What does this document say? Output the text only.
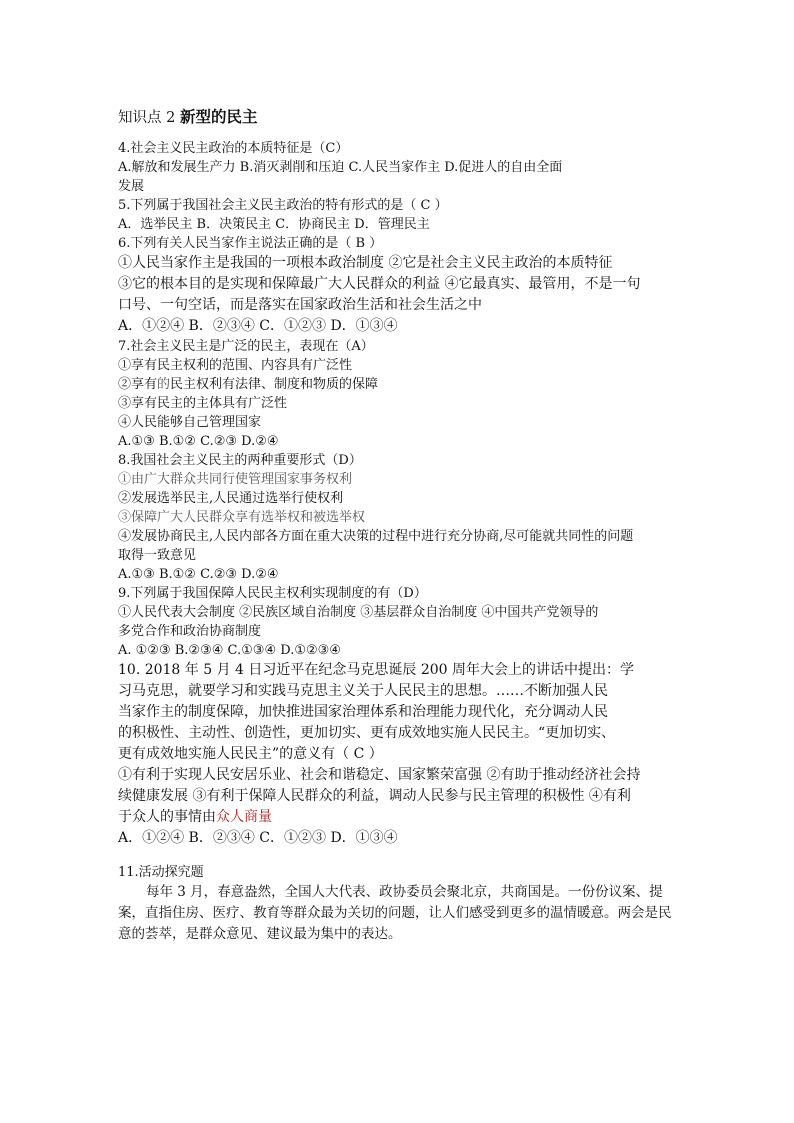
知识点 2 新型的民主
4.社会主义民主政治的本质特征是（C）
A.解放和发展生产力 B.消灭剥削和压迫 C.人民当家作主 D.促进人的自由全面
发展
5.下列属于我国社会主义民主政治的特有形式的是（ C ）
A．选举民主 B．决策民主 C．协商民主 D．管理民主
6.下列有关人民当家作主说法正确的是（ B ）
①人民当家作主是我国的一项根本政治制度 ②它是社会主义民主政治的本质特征
③它的根本目的是实现和保障最广大人民群众的利益 ④它最真实、最管用，不是一句
口号、一句空话，而是落实在国家政治生活和社会生活之中
A．①②④ B．②③④ C．①②③ D．①③④
7.社会主义民主是广泛的民主，表现在（A）
①享有民主权利的范围、内容具有广泛性
②享有的民主权利有法律、制度和物质的保障
③享有民主的主体具有广泛性
④人民能够自己管理国家
A.①③ B.①② C.②③ D.②④
8.我国社会主义民主的两种重要形式（D）
①由广大群众共同行使管理国家事务权利
②发展选举民主,人民通过选举行使权利
③保障广大人民群众享有选举权和被选举权
④发展协商民主,人民内部各方面在重大决策的过程中进行充分协商,尽可能就共同性的问题
取得一致意见
A.①③ B.①② C.②③ D.②④
9.下列属于我国保障人民民主权利实现制度的有（D）
①人民代表大会制度 ②民族区域自治制度 ③基层群众自治制度 ④中国共产党领导的
多党合作和政治协商制度
A. ①②③ B.②③④ C.①③④ D.①②③④
10. 2018 年 5 月 4 日习近平在纪念马克思诞辰 200 周年大会上的讲话中提出：学
习马克思，就要学习和实践马克思主义关于人民民主的思想。……不断加强人民
当家作主的制度保障，加快推进国家治理体系和治理能力现代化，充分调动人民
的积极性、主动性、创造性，更加切实、更有成效地实施人民民主。“更加切实、
更有成效地实施人民民主”的意义有（ C ）
①有利于实现人民安居乐业、社会和谐稳定、国家繁荣富强 ②有助于推动经济社会持
续健康发展 ③有利于保障人民群众的利益，调动人民参与民主管理的积极性 ④有利
于众人的事情由众人商量
A．①②④ B．②③④ C．①②③ D．①③④
11.活动探究题
每年 3 月，春意盎然，全国人大代表、政协委员会聚北京，共商国是。一份份议案、提案，直指住房、医疗、教育等群众最为关切的问题，让人们感受到更多的温情暖意。两会是民意的荟萃，是群众意见、建议最为集中的表达。
